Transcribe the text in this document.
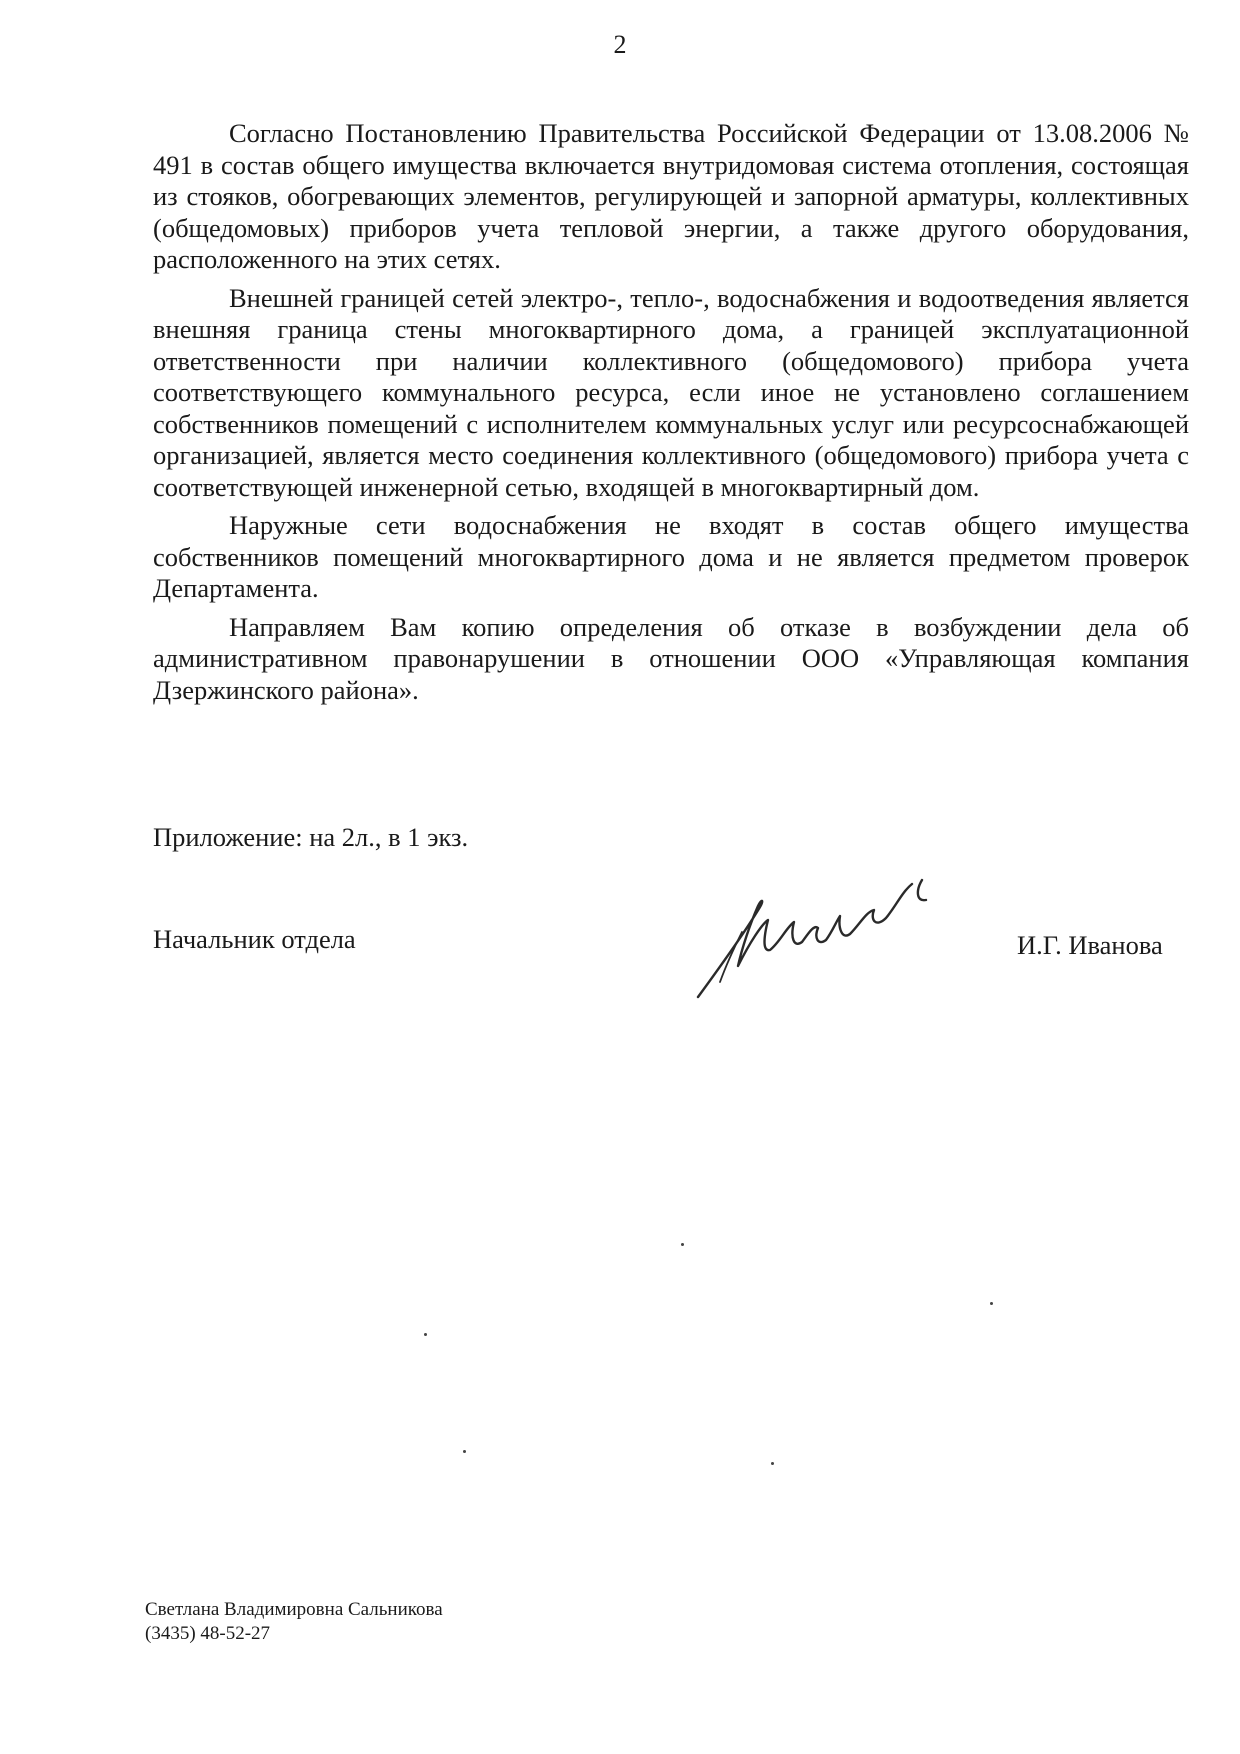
2

Согласно Постановлению Правительства Российской Федерации от 13.08.2006 № 491 в состав общего имущества включается внутридомовая система отопления, состоящая из стояков, обогревающих элементов, регулирующей и запорной арматуры, коллективных (общедомовых) приборов учета тепловой энергии, а также другого оборудования, расположенного на этих сетях.

Внешней границей сетей электро-, тепло-, водоснабжения и водоотведения является внешняя граница стены многоквартирного дома, а границей эксплуатационной ответственности при наличии коллективного (общедомового) прибора учета соответствующего коммунального ресурса, если иное не установлено соглашением собственников помещений с исполнителем коммунальных услуг или ресурсоснабжающей организацией, является место соединения коллективного (общедомового) прибора учета с соответствующей инженерной сетью, входящей в многоквартирный дом.

Наружные сети водоснабжения не входят в состав общего имущества собственников помещений многоквартирного дома и не является предметом проверок Департамента.

Направляем Вам копию определения об отказе в возбуждении дела об административном правонарушении в отношении ООО «Управляющая компания Дзержинского района».

Приложение: на 2л., в 1 экз.
Начальник отдела	И.Г. Иванова
Светлана Владимировна Сальникова
(3435) 48-52-27
